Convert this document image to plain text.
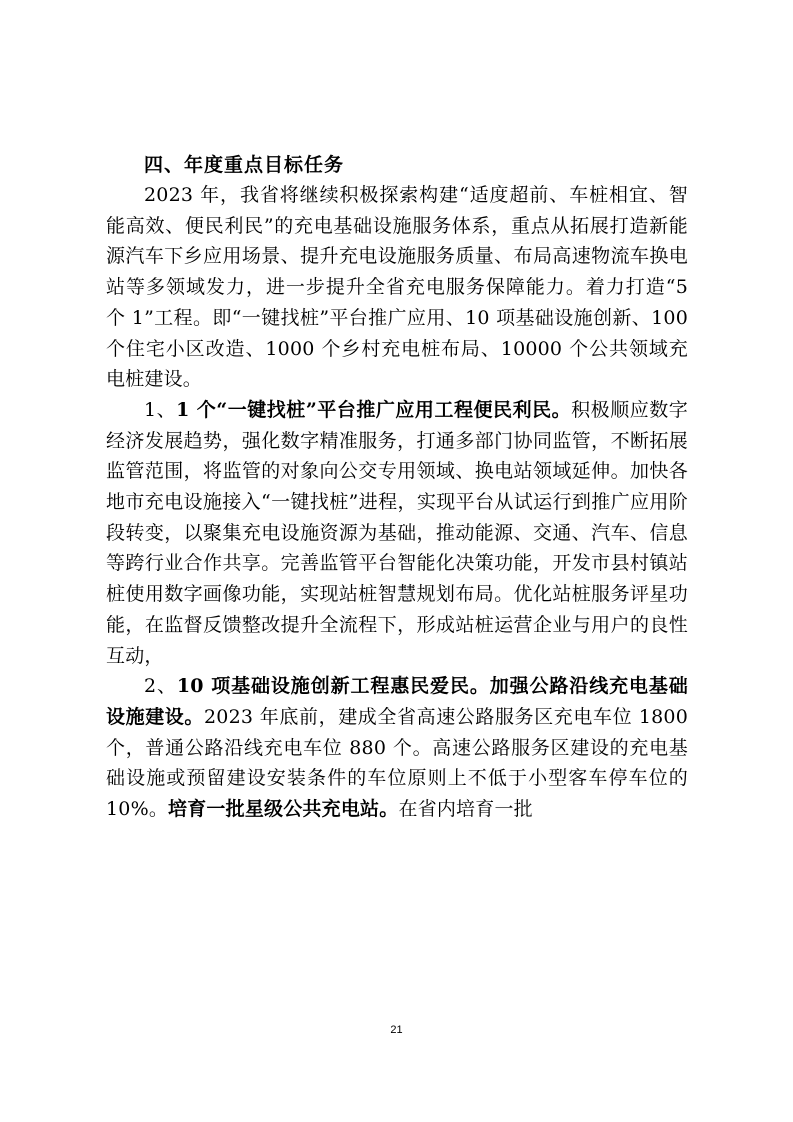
四、年度重点目标任务

2023 年，我省将继续积极探索构建“适度超前、车桩相宜、智能高效、便民利民”的充电基础设施服务体系，重点从拓展打造新能源汽车下乡应用场景、提升充电设施服务质量、布局高速物流车换电站等多领域发力，进一步提升全省充电服务保障能力。着力打造“5 个 1”工程。即“一键找桩”平台推广应用、10 项基础设施创新、100 个住宅小区改造、1000 个乡村充电桩布局、10000 个公共领域充电桩建设。

1、1 个“一键找桩”平台推广应用工程便民利民。积极顺应数字经济发展趋势，强化数字精准服务，打通多部门协同监管，不断拓展监管范围，将监管的对象向公交专用领域、换电站领域延伸。加快各地市充电设施接入“一键找桩”进程，实现平台从试运行到推广应用阶段转变，以聚集充电设施资源为基础，推动能源、交通、汽车、信息等跨行业合作共享。完善监管平台智能化决策功能，开发市县村镇站桩使用数字画像功能，实现站桩智慧规划布局。优化站桩服务评星功能，在监督反馈整改提升全流程下，形成站桩运营企业与用户的良性互动，

2、10 项基础设施创新工程惠民爱民。加强公路沿线充电基础设施建设。2023 年底前，建成全省高速公路服务区充电车位 1800 个，普通公路沿线充电车位 880 个。高速公路服务区建设的充电基础设施或预留建设安装条件的车位原则上不低于小型客车停车位的 10%。培育一批星级公共充电站。在省内培育一批

21
